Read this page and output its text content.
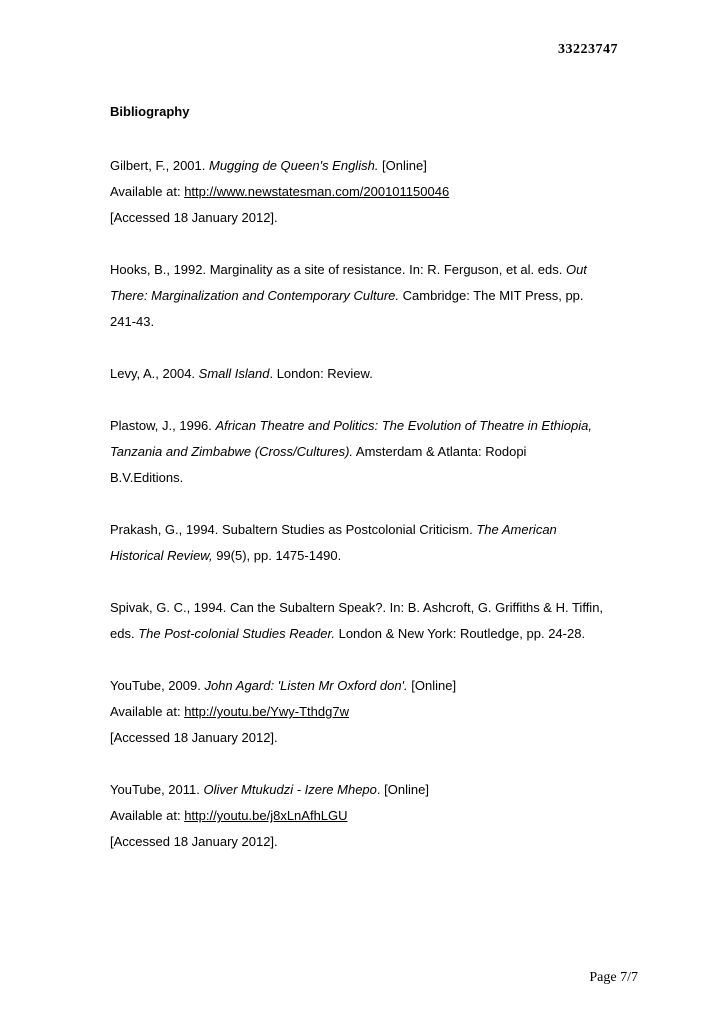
33223747
Bibliography
Gilbert, F., 2001. Mugging de Queen's English. [Online]
Available at: http://www.newstatesman.com/200101150046
[Accessed 18 January 2012].
Hooks, B., 1992. Marginality as a site of resistance. In: R. Ferguson, et al. eds. Out
There: Marginalization and Contemporary Culture. Cambridge: The MIT Press, pp.
241-43.
Levy, A., 2004. Small Island. London: Review.
Plastow, J., 1996. African Theatre and Politics: The Evolution of Theatre in Ethiopia,
Tanzania and Zimbabwe (Cross/Cultures). Amsterdam & Atlanta: Rodopi
B.V.Editions.
Prakash, G., 1994. Subaltern Studies as Postcolonial Criticism. The American
Historical Review, 99(5), pp. 1475-1490.
Spivak, G. C., 1994. Can the Subaltern Speak?. In: B. Ashcroft, G. Griffiths & H. Tiffin,
eds. The Post-colonial Studies Reader. London & New York: Routledge, pp. 24-28.
YouTube, 2009. John Agard: 'Listen Mr Oxford don'. [Online]
Available at: http://youtu.be/Ywy-Tthdg7w
[Accessed 18 January 2012].
YouTube, 2011. Oliver Mtukudzi - Izere Mhepo. [Online]
Available at: http://youtu.be/j8xLnAfhLGU
[Accessed 18 January 2012].
Page 7/7
